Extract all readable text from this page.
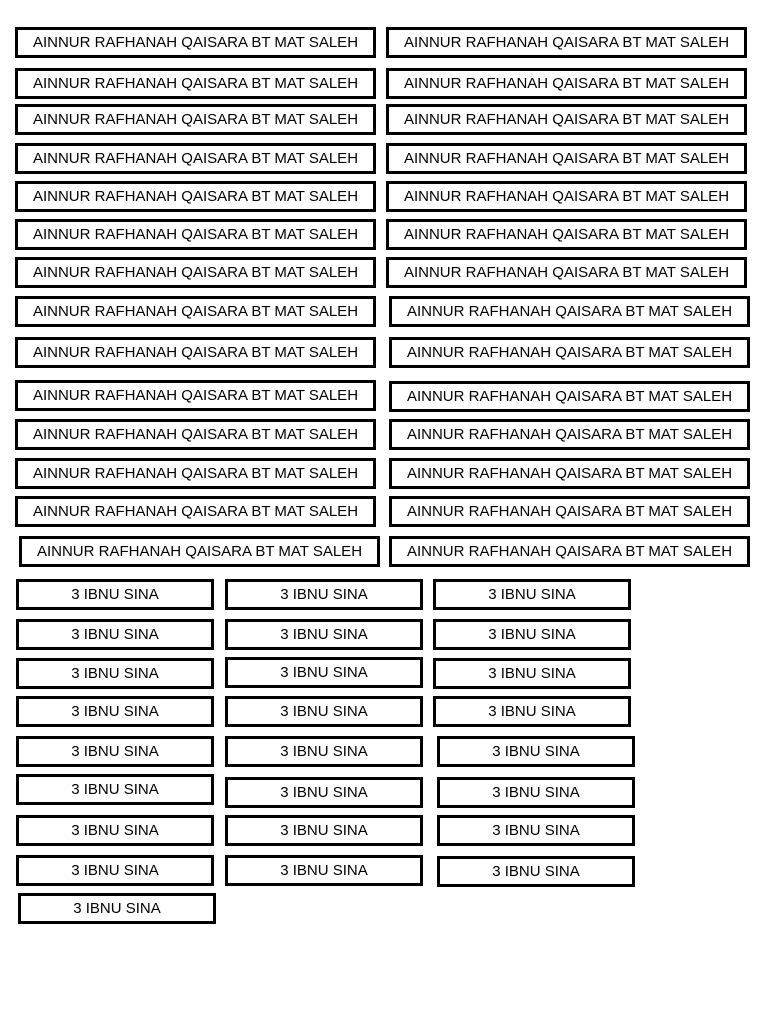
AINNUR RAFHANAH QAISARA BT MAT SALEH
AINNUR RAFHANAH QAISARA BT MAT SALEH
AINNUR RAFHANAH QAISARA BT MAT SALEH
AINNUR RAFHANAH QAISARA BT MAT SALEH
AINNUR RAFHANAH QAISARA BT MAT SALEH
AINNUR RAFHANAH QAISARA BT MAT SALEH
AINNUR RAFHANAH QAISARA BT MAT SALEH
AINNUR RAFHANAH QAISARA BT MAT SALEH
AINNUR RAFHANAH QAISARA BT MAT SALEH
AINNUR RAFHANAH QAISARA BT MAT SALEH
AINNUR RAFHANAH QAISARA BT MAT SALEH
AINNUR RAFHANAH QAISARA BT MAT SALEH
AINNUR RAFHANAH QAISARA BT MAT SALEH
AINNUR RAFHANAH QAISARA BT MAT SALEH
AINNUR RAFHANAH QAISARA BT MAT SALEH
AINNUR RAFHANAH QAISARA BT MAT SALEH
AINNUR RAFHANAH QAISARA BT MAT SALEH
AINNUR RAFHANAH QAISARA BT MAT SALEH
AINNUR RAFHANAH QAISARA BT MAT SALEH
AINNUR RAFHANAH QAISARA BT MAT SALEH
AINNUR RAFHANAH QAISARA BT MAT SALEH
AINNUR RAFHANAH QAISARA BT MAT SALEH
AINNUR RAFHANAH QAISARA BT MAT SALEH
AINNUR RAFHANAH QAISARA BT MAT SALEH
AINNUR RAFHANAH QAISARA BT MAT SALEH
AINNUR RAFHANAH QAISARA BT MAT SALEH
AINNUR RAFHANAH QAISARA BT MAT SALEH
AINNUR RAFHANAH QAISARA BT MAT SALEH
3 IBNU SINA
3 IBNU SINA
3 IBNU SINA
3 IBNU SINA
3 IBNU SINA
3 IBNU SINA
3 IBNU SINA
3 IBNU SINA
3 IBNU SINA
3 IBNU SINA
3 IBNU SINA
3 IBNU SINA
3 IBNU SINA
3 IBNU SINA
3 IBNU SINA
3 IBNU SINA
3 IBNU SINA
3 IBNU SINA
3 IBNU SINA
3 IBNU SINA
3 IBNU SINA
3 IBNU SINA
3 IBNU SINA
3 IBNU SINA
3 IBNU SINA
